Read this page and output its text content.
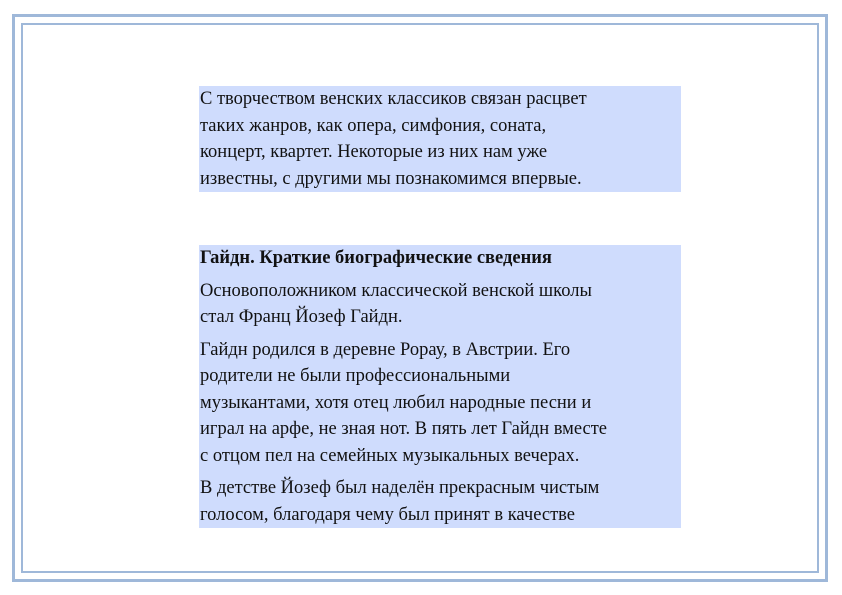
С творчеством венских классиков связан расцвет
таких жанров, как опера, симфония, соната,
концерт, квартет. Некоторые из них нам уже
известны, с другими мы познакомимся впервые.
Гайдн. Краткие биографические сведения
Основоположником классической венской школы
стал Франц Йозеф Гайдн.
Гайдн родился в деревне Рорау, в Австрии. Его
родители не были профессиональными
музыкантами, хотя отец любил народные песни и
играл на арфе, не зная нот. В пять лет Гайдн вместе
с отцом пел на семейных музыкальных вечерах.
В детстве Йозеф был наделён прекрасным чистым
голосом, благодаря чему был принят в качестве
